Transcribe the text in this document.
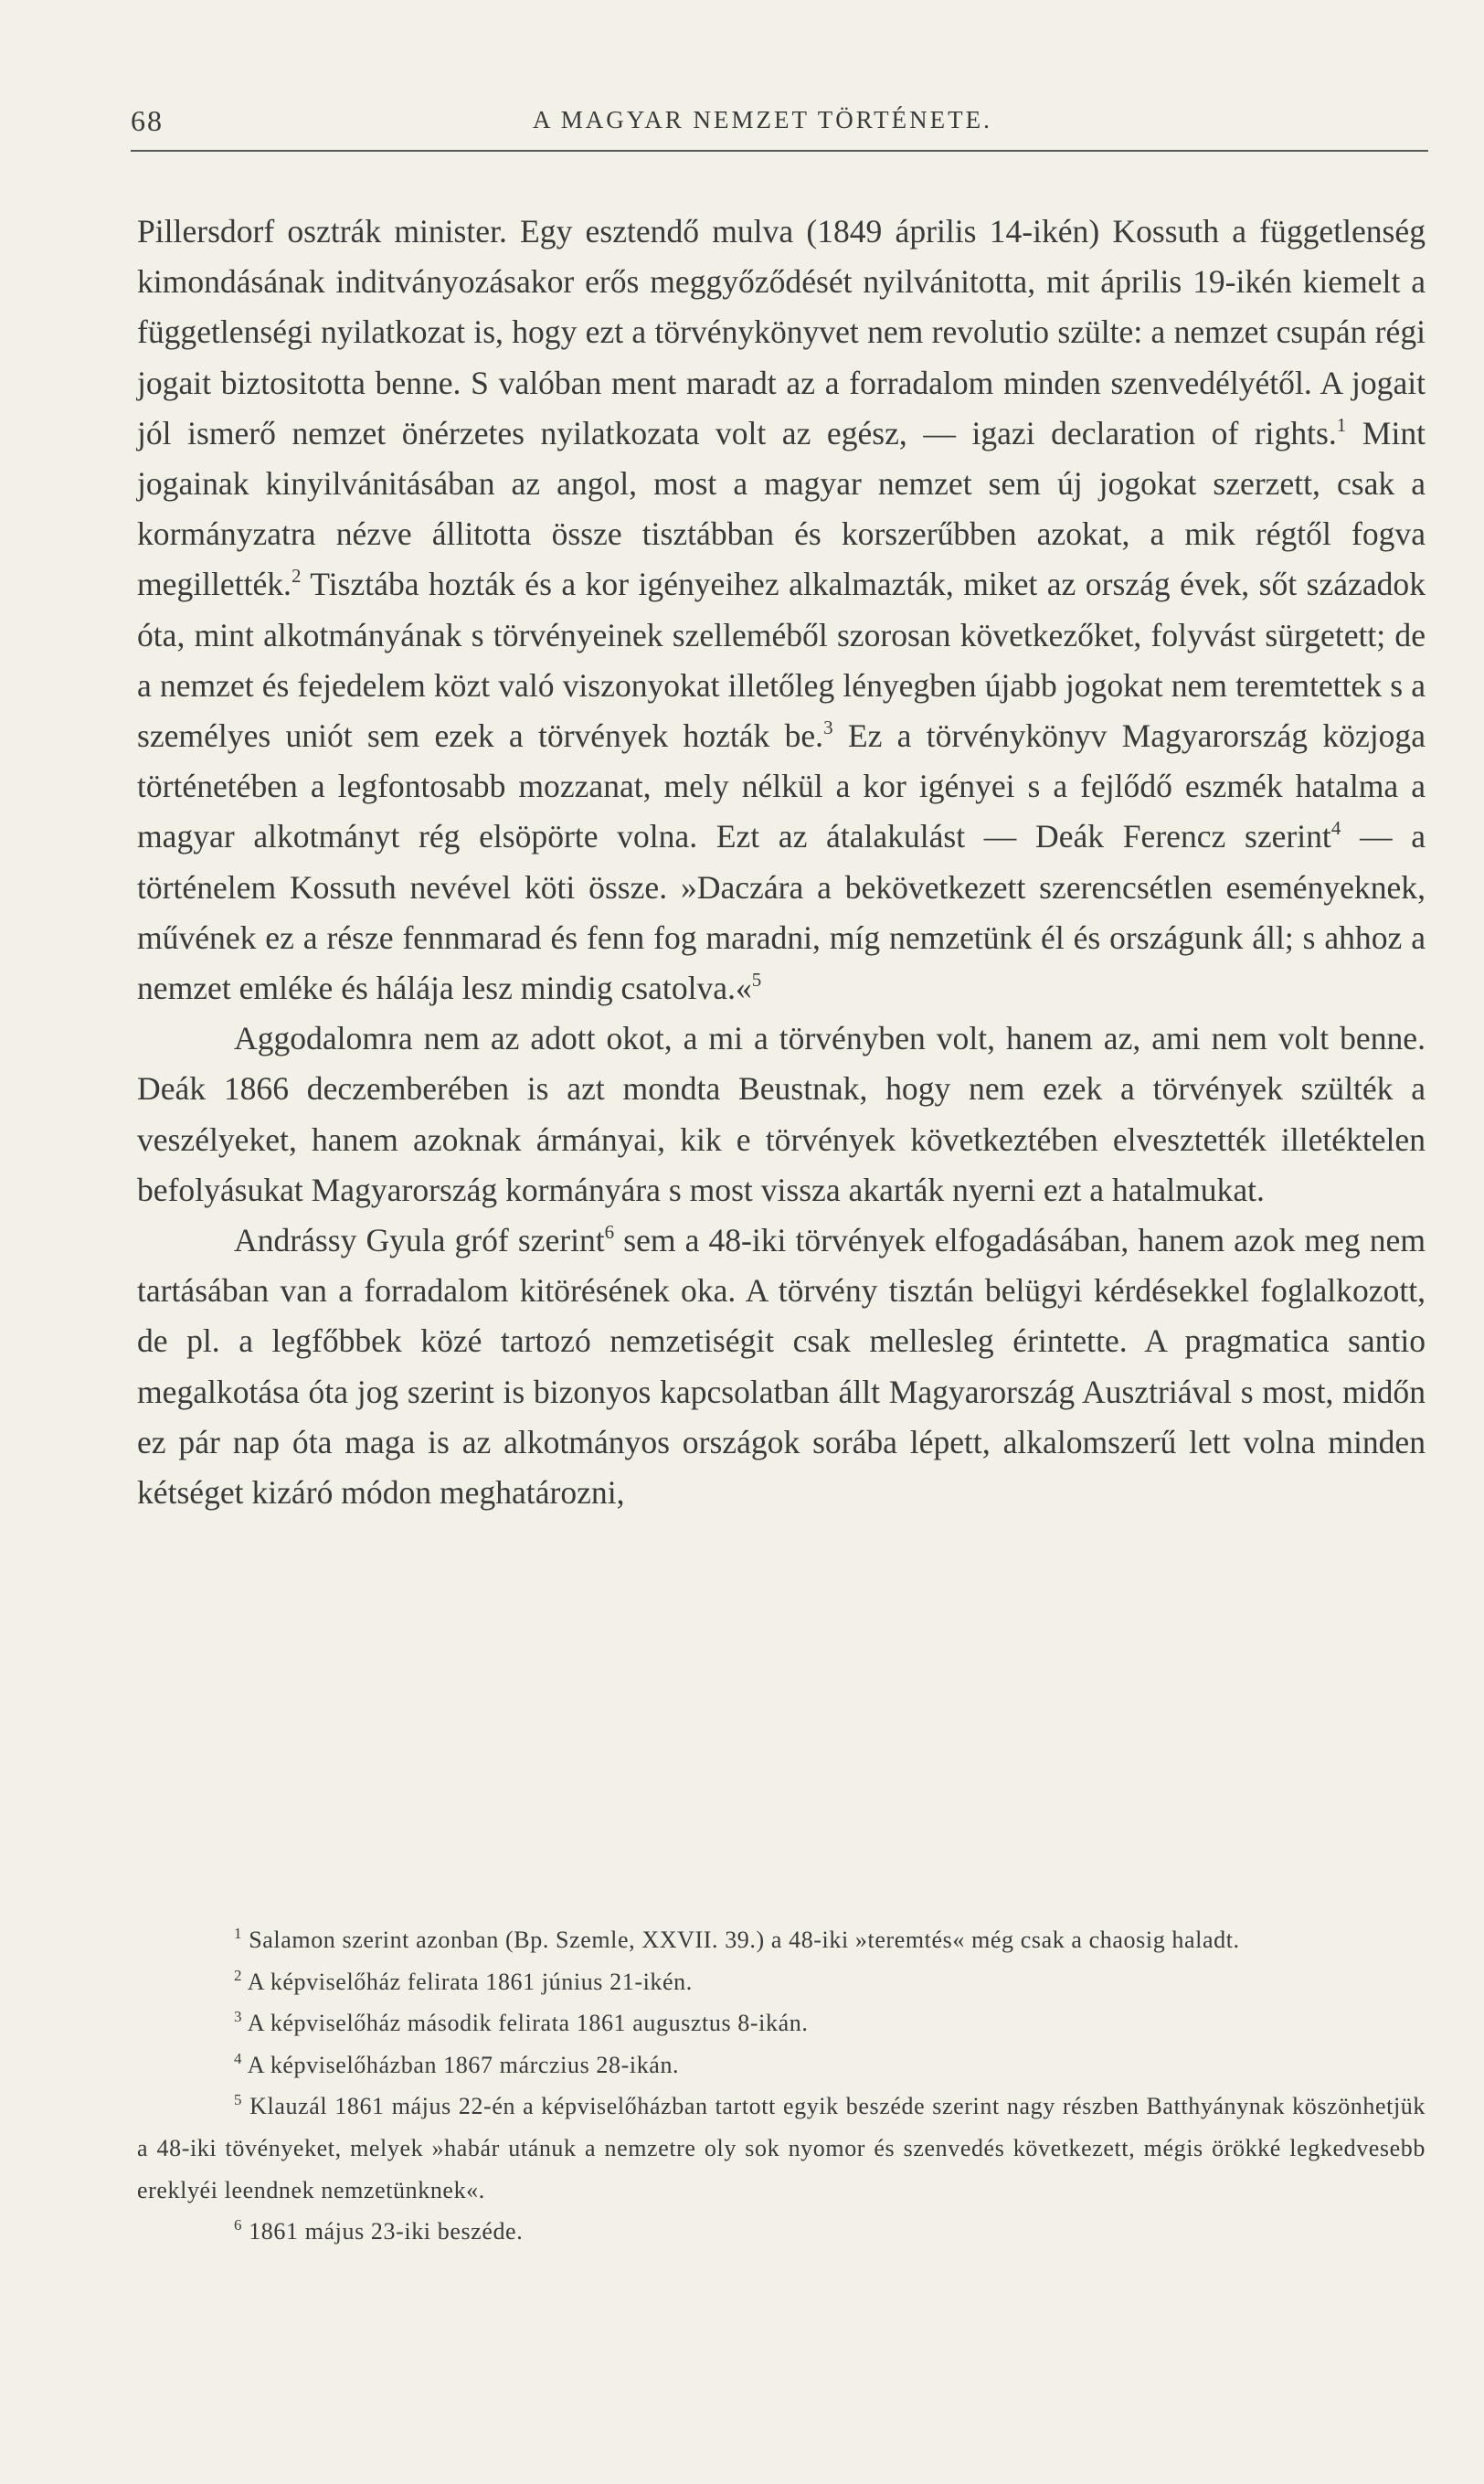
68	A MAGYAR NEMZET TÖRTÉNETE.

Pillersdorf osztrák minister. Egy esztendő mulva (1849 április 14-ikén) Kossuth a függetlenség kimondásának inditványozásakor erős meggyőződését nyilvánitotta, mit április 19-ikén kiemelt a függetlenségi nyilatkozat is, hogy ezt a törvénykönyvet nem revolutio szülte: a nemzet csupán régi jogait biztositotta benne. S valóban ment maradt az a forradalom minden szenvedélyétől. A jogait jól ismerő nemzet önérzetes nyilatkozata volt az egész, — igazi declaration of rights.$^1$ Mint jogainak kinyilvánitásában az angol, most a magyar nemzet sem új jogokat szerzett, csak a kormányzatra nézve állitotta össze tisztábban és korszerűbben azokat, a mik régtől fogva megillették.$^2$ Tisztába hozták és a kor igényeihez alkalmazták, miket az ország évek, sőt századok óta, mint alkotmányának s törvényeinek szelleméből szorosan következőket, folyvást sürgetett; de a nemzet és fejedelem közt való viszonyokat illetőleg lényegben újabb jogokat nem teremtettek s a személyes uniót sem ezek a törvények hozták be.$^3$ Ez a törvénykönyv Magyarország közjoga történetében a legfontosabb mozzanat, mely nélkül a kor igényei s a fejlődő eszmék hatalma a magyar alkotmányt rég elsöpörte volna. Ezt az átalakulást — Deák Ferencz szerint$^4$ — a történelem Kossuth nevével köti össze. »Daczára a bekövetkezett szerencsétlen eseményeknek, művének ez a része fennmarad és fenn fog maradni, míg nemzetünk él és országunk áll; s ahhoz a nemzet emléke és hálája lesz mindig csatolva.«$^5$

Aggodalomra nem az adott okot, a mi a törvényben volt, hanem az, ami nem volt benne. Deák 1866 deczemberében is azt mondta Beustnak, hogy nem ezek a törvények szülték a veszélyeket, hanem azoknak ármányai, kik e törvények következtében elvesztették illetéktelen befolyásukat Magyarország kormányára s most vissza akarták nyerni ezt a hatalmukat.

Andrássy Gyula gróf szerint$^6$ sem a 48-iki törvények elfogadásában, hanem azok meg nem tartásában van a forradalom kitörésének oka. A törvény tisztán belügyi kérdésekkel foglalkozott, de pl. a legfőbbek közé tartozó nemzetiségit csak mellesleg érintette. A pragmatica santio megalkotása óta jog szerint is bizonyos kapcsolatban állt Magyarország Ausztriával s most, midőn ez pár nap óta maga is az alkotmányos országok sorába lépett, alkalomszerű lett volna minden kétséget kizáró módon meghatározni,

$^1$ Salamon szerint azonban (Bp. Szemle, XXVII. 39.) a 48-iki »teremtés« még csak a chaosig haladt.

$^2$ A képviselőház felirata 1861 június 21-ikén.

$^3$ A képviselőház második felirata 1861 augusztus 8-ikán.

$^4$ A képviselőházban 1867 márczius 28-ikán.

$^5$ Klauzál 1861 május 22-én a képviselőházban tartott egyik beszéde szerint nagy részben Batthyánynak köszönhetjük a 48-iki tövényeket, melyek »habár utánuk a nemzetre oly sok nyomor és szenvedés következett, mégis örökké legkedvesebb ereklyéi leendnek nemzetünknek«.

$^6$ 1861 május 23-iki beszéde.
